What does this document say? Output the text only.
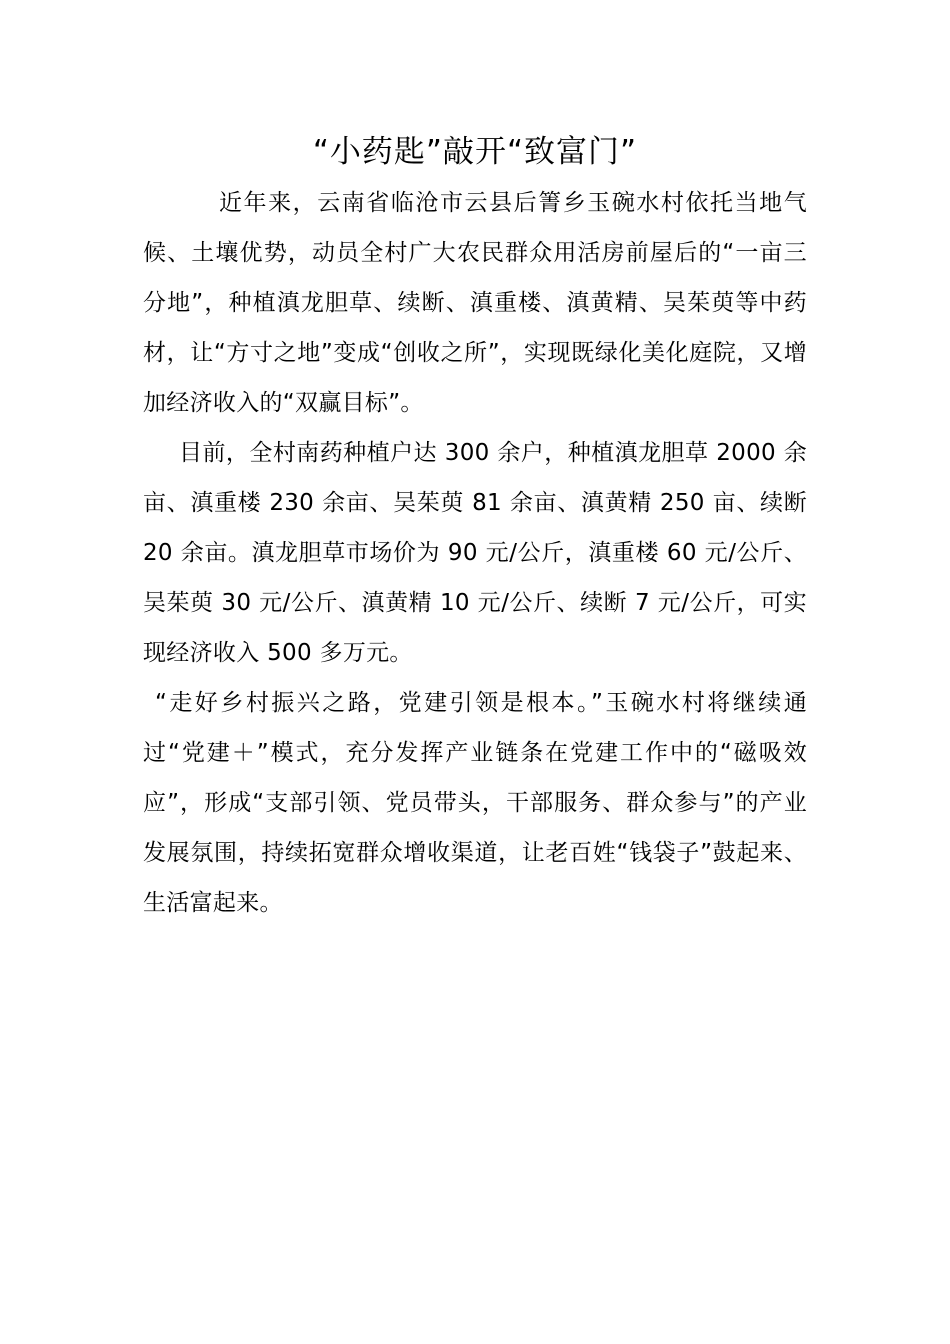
“小药匙”敲开“致富门”

近年来，云南省临沧市云县后箐乡玉碗水村依托当地气候、土壤优势，动员全村广大农民群众用活房前屋后的“一亩三分地”，种植滇龙胆草、续断、滇重楼、滇黄精、吴茱萸等中药材，让“方寸之地”变成“创收之所”，实现既绿化美化庭院，又增加经济收入的“双赢目标”。

目前，全村南药种植户达 300 余户，种植滇龙胆草 2000 余亩、滇重楼 230 余亩、吴茱萸 81 余亩、滇黄精 250 亩、续断 20 余亩。滇龙胆草市场价为 90 元/公斤，滇重楼 60 元/公斤、吴茱萸 30 元/公斤、滇黄精 10 元/公斤、续断 7 元/公斤，可实现经济收入 500 多万元。

“走好乡村振兴之路，党建引领是根本。”玉碗水村将继续通过“党建＋”模式，充分发挥产业链条在党建工作中的“磁吸效应”，形成“支部引领、党员带头，干部服务、群众参与”的产业发展氛围，持续拓宽群众增收渠道，让老百姓“钱袋子”鼓起来、生活富起来。
